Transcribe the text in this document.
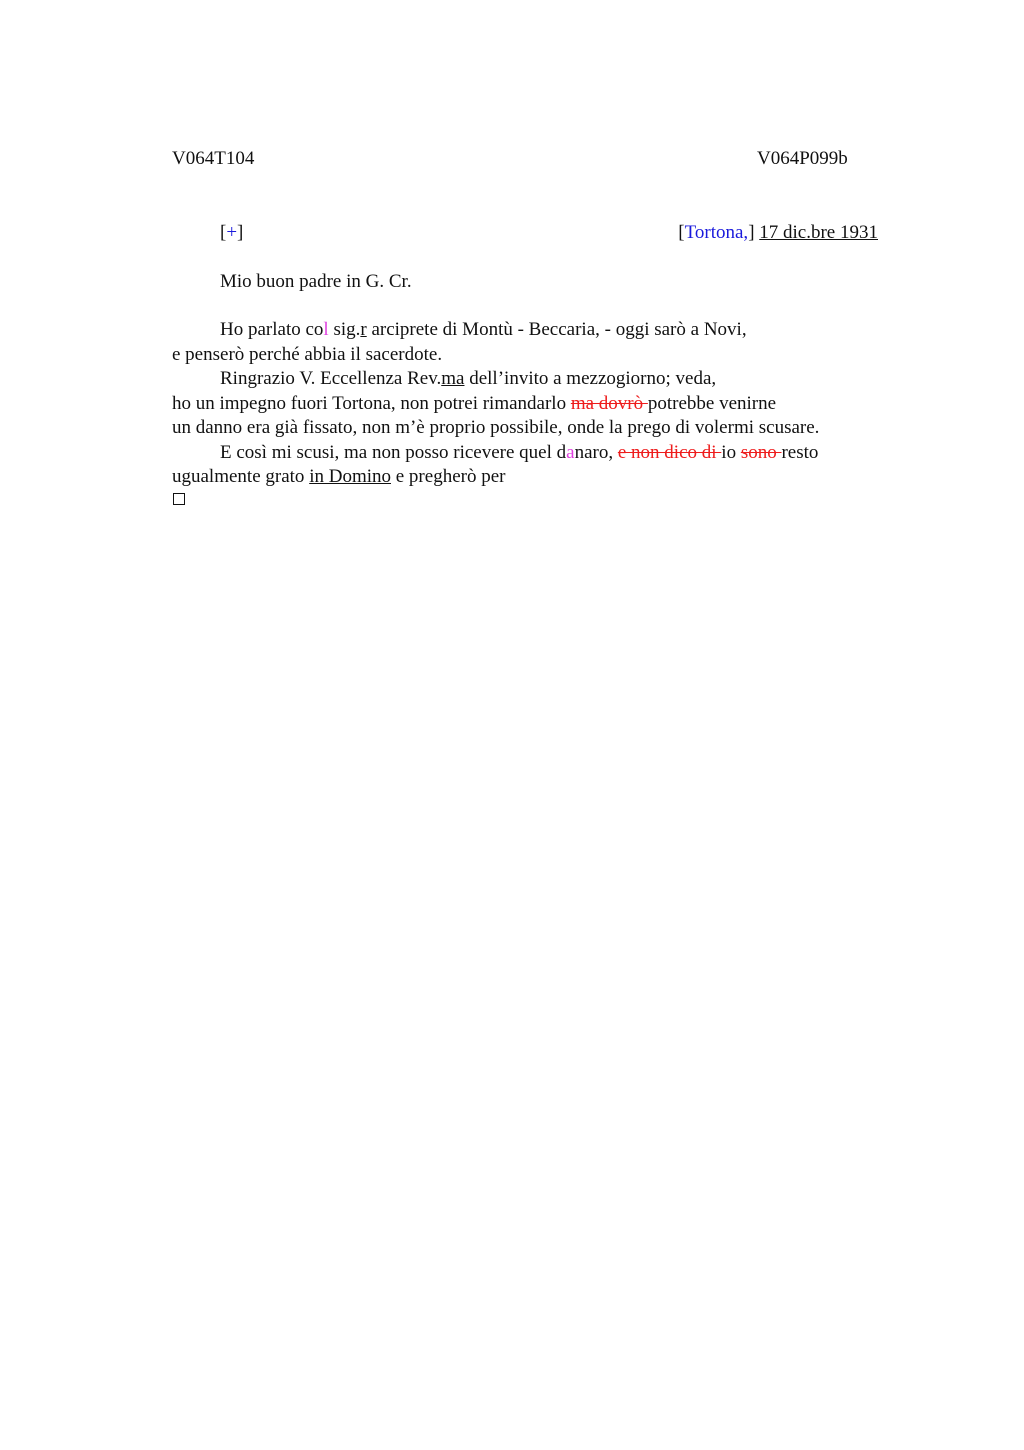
V064T104	V064P099b
[+]	[Tortona,] 17 dic.bre 1931
Mio buon padre in G. Cr.
Ho parlato col sig.r arciprete di Montù - Beccaria, - oggi sarò a Novi,
e penserò perché abbia il sacerdote.
Ringrazio V. Eccellenza Rev.ma dell’invito a mezzogiorno; veda,
ho un impegno fuori Tortona, non potrei rimandarlo ma dovrò potrebbe venirne
un danno era già fissato, non m’è proprio possibile, onde la prego di volermi scusare.
E così mi scusi, ma non posso ricevere quel danaro, e non dico di io sono resto
ugualmente grato in Domino e pregherò per
